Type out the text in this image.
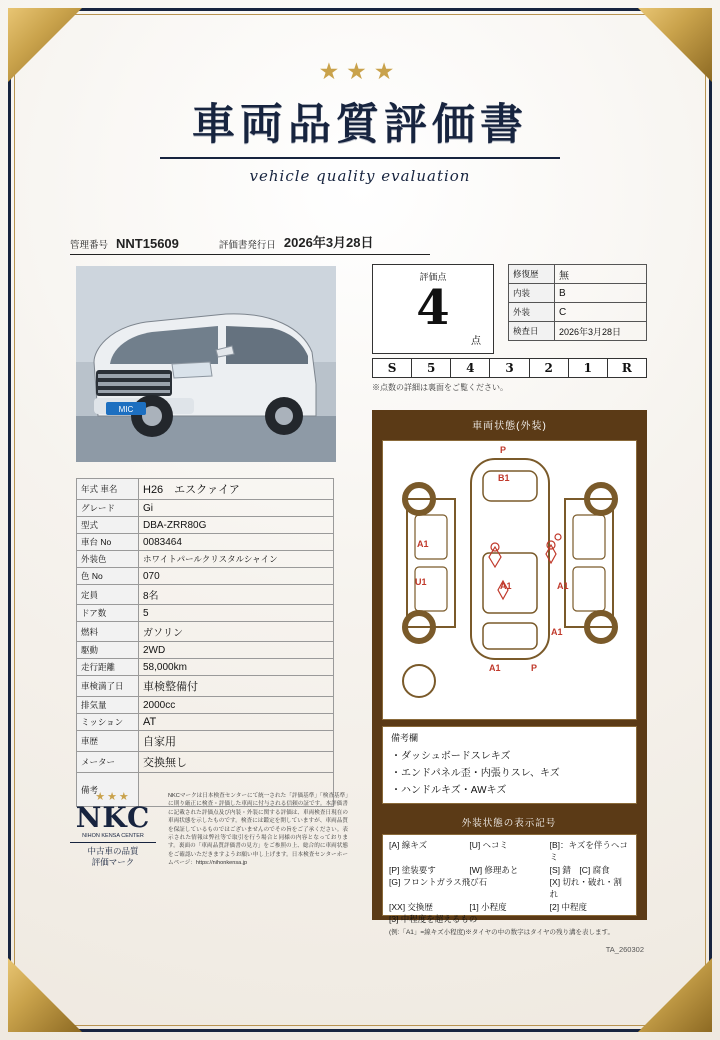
★★★
車両品質評価書
vehicle quality evaluation
管理番号 NNT15609	評価書発行日 2026年3月28日
MIC
年式 車名	H26　エスクァイア
グレード	Gi
型式	DBA-ZRR80G
車台 No	0083464
外装色	ホワイトパールクリスタルシャイン
色 No	070
定員	8名
ドア数	5
燃料	ガソリン
駆動	2WD
走行距離	58,000km
車検満了日	車検整備付
排気量	2000cc
ミッション	AT
車歴	自家用
メーター	交換無し
備考	
評価点
4
点
S	5	4	3	2	1	R
※点数の詳細は裏面をご覧ください。
修復歴	無
内装	B
外装	C
検査日	2026年3月28日
車両状態(外装)
P
B1
A1
U1	A1	A1
A1
A1	P
備考欄
・ダッシュボードスレキズ
・エンドパネル歪・内張りスレ、キズ
・ハンドルキズ・AWキズ
外装状態の表示記号
[A] 線キズ	[U] ヘコミ	[B]：キズを伴うヘコミ
[P] 塗装要す	[W] 修理あと	[S] 錆　[C] 腐食
[G] フロントガラス飛び石	[X] 切れ・破れ・割れ
[XX] 交換歴	[1] 小程度	[2] 中程度
[3] 中程度を超えるもの
(例:「A1」=線キズ小程度)※タイヤの中の数字はタイヤの残り溝を表します。
★★★
NKC
NIHON KENSA CENTER
中古車の品質
評価マーク
NKCマークは日本検査センターにて統一された「評価基準」「検査基準」に則り厳正に検査・評価した車両に付与される信頼の証です。本評価書に記載された評価点及び内装・外装に関する評価は、車両検査日現在の車両状態を示したものです。検査には鑑定を開していますが、車両品質を保証しているものではございませんのでその旨をご了承ください。表示された情報は弊社等で取引を行う場合と同様の内容となっております。裏面の「車両品質評価書の見方」をご参照の上、総合的に車両状態をご確認いただきますようお願い申し上げます。日本検査センターホームページ：https://nihonkensa.jp
TA_260302
